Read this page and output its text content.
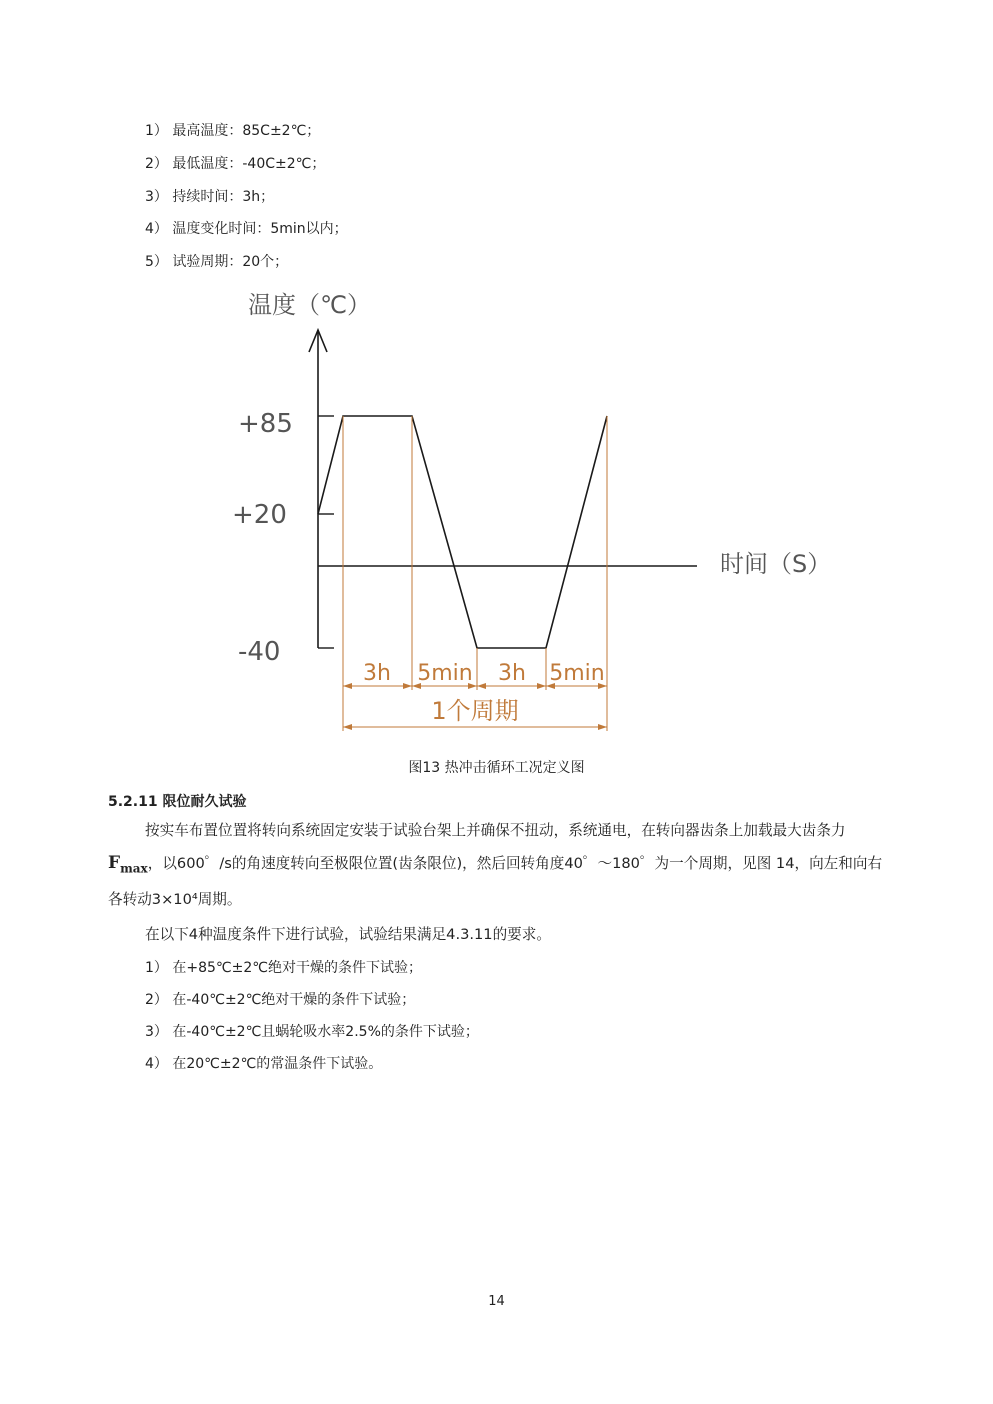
1） 最高温度：85C±2℃；
2） 最低温度：-40C±2℃；
3） 持续时间：3h；
4） 温度变化时间：5min以内；
5） 试验周期：20个；
温度（℃）
时间（S）
+85
+20
-40
3h 5min 3h 5min
1个周期
图13 热冲击循环工况定义图
5.2.11 限位耐久试验
按实车布置位置将转向系统固定安装于试验台架上并确保不扭动，系统通电，在转向器齿条上加载最大齿条力$F_{max}$，以600゜/s的角速度转向至极限位置(齿条限位)，然后回转角度40゜～180゜为一个周期，见图 14，向左和向右各转动3×10⁴周期。
在以下4种温度条件下进行试验，试验结果满足4.3.11的要求。
1） 在+85℃±2℃绝对干燥的条件下试验；
2） 在-40℃±2℃绝对干燥的条件下试验；
3） 在-40℃±2℃且蜗轮吸水率2.5%的条件下试验；
4） 在20℃±2℃的常温条件下试验。
14
